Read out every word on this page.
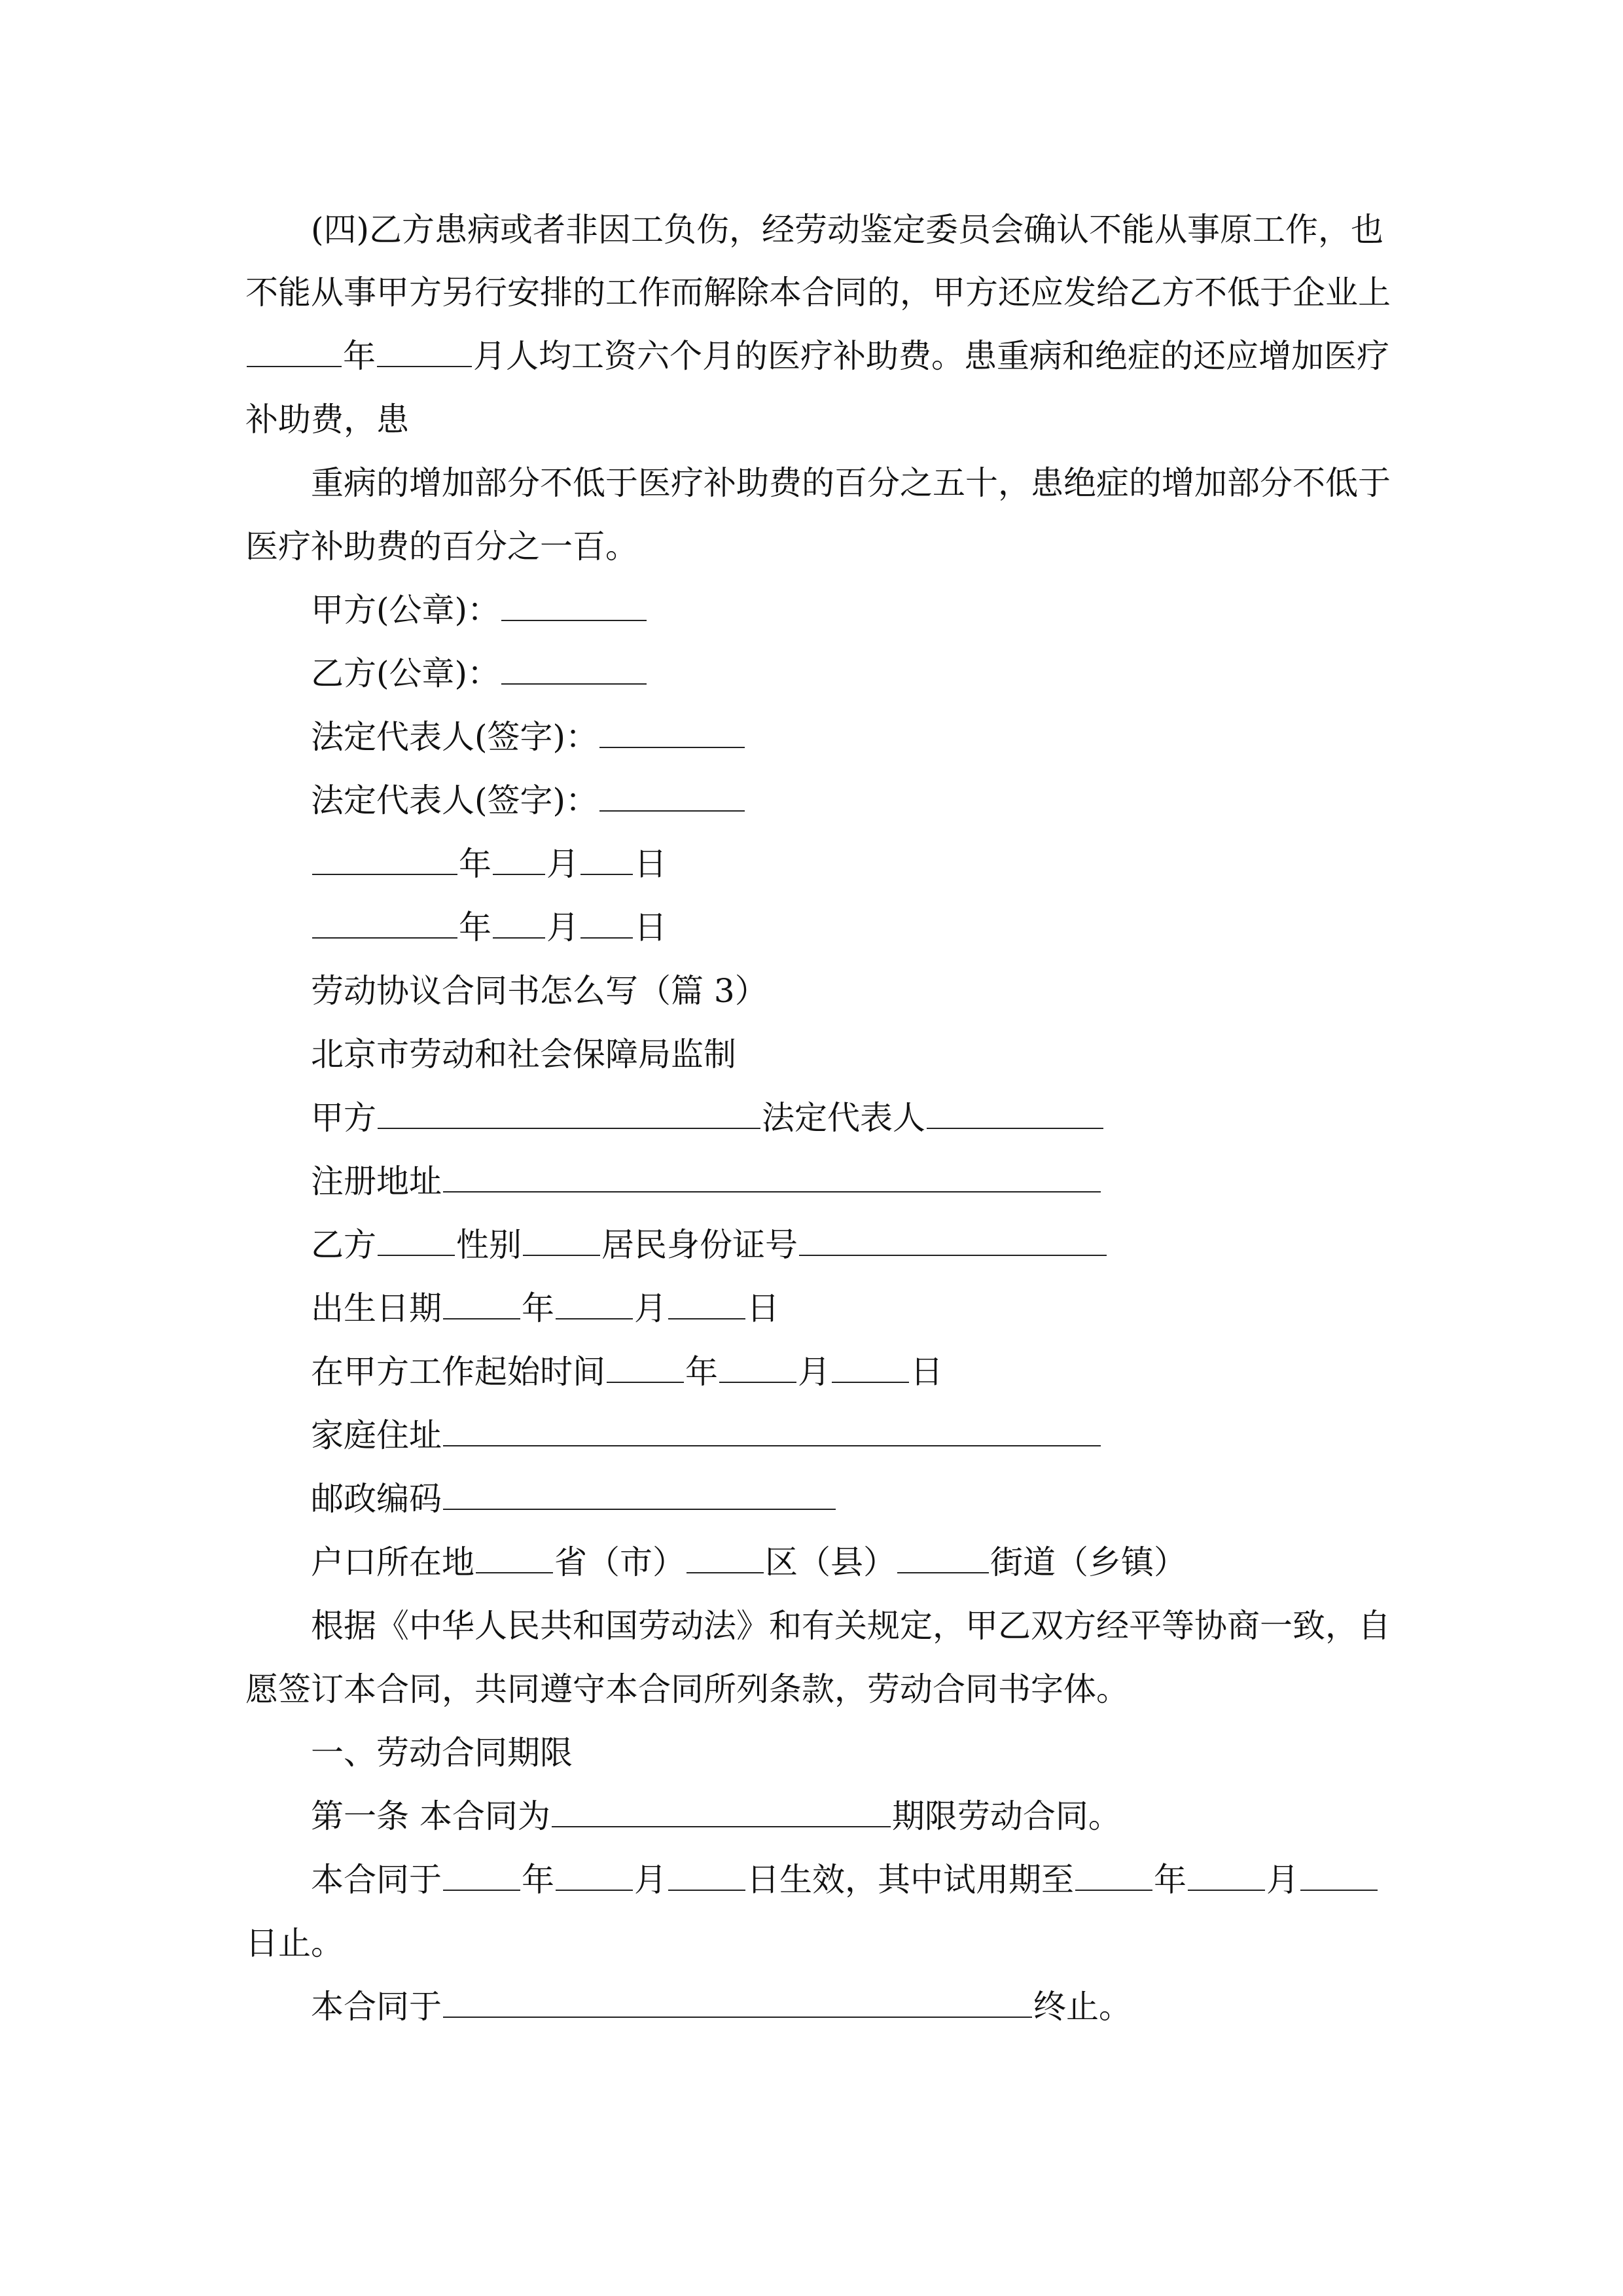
(四)乙方患病或者非因工负伤，经劳动鉴定委员会确认不能从事原工作，也
不能从事甲方另行安排的工作而解除本合同的，甲方还应发给乙方不低于企业上
年	月人均工资六个月的医疗补助费。患重病和绝症的还应增加医疗
补助费，患
重病的增加部分不低于医疗补助费的百分之五十，患绝症的增加部分不低于
医疗补助费的百分之一百。
甲方(公章)：
乙方(公章)：
法定代表人(签字)：
法定代表人(签字)：
年 月 日
年 月 日
劳动协议合同书怎么写（篇 3）
北京市劳动和社会保障局监制
甲方	法定代表人
注册地址
乙方 性别 居民身份证号
出生日期 年 月 日
在甲方工作起始时间 年 月 日
家庭住址
邮政编码
户口所在地 省（市） 区（县）	街道（乡镇）
根据《中华人民共和国劳动法》和有关规定，甲乙双方经平等协商一致，自
愿签订本合同，共同遵守本合同所列条款，劳动合同书字体。
一、劳动合同期限
第一条 本合同为	期限劳动合同。
本合同于 年 月 日生效，其中试用期至 年 月
日止。
本合同于	终止。
